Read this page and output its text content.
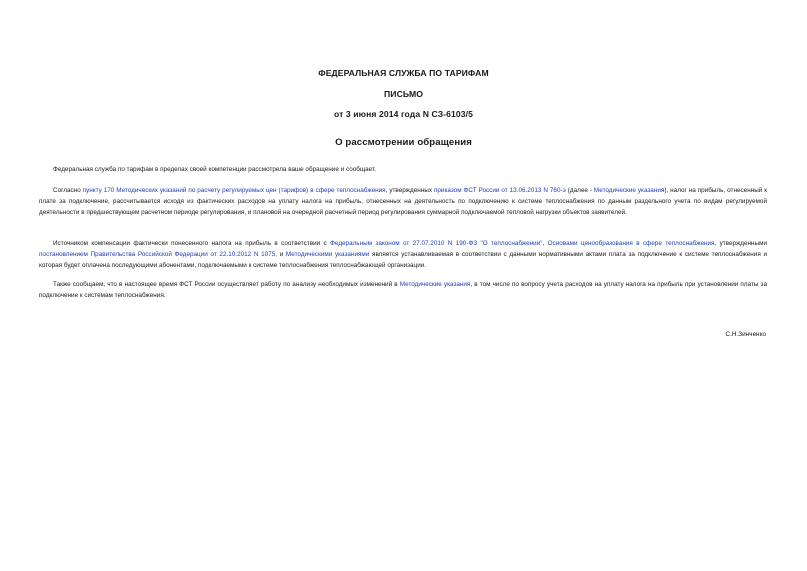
ФЕДЕРАЛЬНАЯ СЛУЖБА ПО ТАРИФАМ
ПИСЬМО
от 3 июня 2014 года N СЗ-6103/5
О рассмотрении обращения
Федеральная служба по тарифам в пределах своей компетенции рассмотрела ваше обращение и сообщает.
Согласно пункту 170 Методических указаний по расчету регулируемых цен (тарифов) в сфере теплоснабжения, утвержденных приказом ФСТ России от 13.06.2013 N 760-э (далее - Методические указания), налог на прибыль, отнесенный к плате за подключение, рассчитывается исходя из фактических расходов на уплату налога на прибыль, отнесенных на деятельность по подключению к системе теплоснабжения по данным раздельного учета по видам регулируемой деятельности в предшествующем расчетном периоде регулирования, и плановой на очередной расчетный период регулирования суммарной подключаемой тепловой нагрузки объектов заявителей.
Источником компенсации фактически понесенного налога на прибыль в соответствии с Федеральным законом от 27.07.2010 N 190-ФЗ "О теплоснабжении", Основами ценообразования в сфере теплоснабжения, утвержденными постановлением Правительства Российской Федерации от 22.10.2012 N 1075, и Методическими указаниями является устанавливаемая в соответствии с данными нормативными актами плата за подключение к системе теплоснабжения и которая будет оплачена последующими абонентами, подключаемыми к системе теплоснабжения теплоснабжающей организации.
Также сообщаем, что в настоящее время ФСТ России осуществляет работу по анализу необходимых изменений в Методические указания, в том числе по вопросу учета расходов на уплату налога на прибыль при установлении платы за подключение к системам теплоснабжения.
С.Н.Зинченко
